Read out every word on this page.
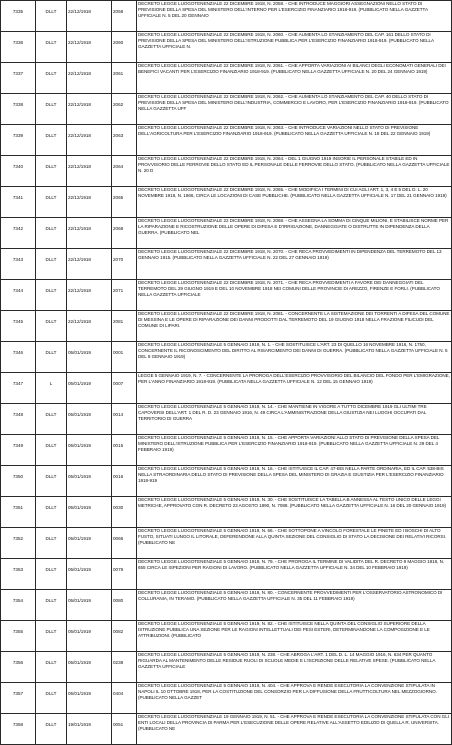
7335	DLLT	22/12/1918	2058	DECRETO LEGGE LUOGOTENENZIALE 22 DICEMBRE 1918, N. 2058. - CHE INTRODUCE MAGGIORI ASSEGNAZIONI NELLO STATO DI PREVISIONE DELLA SPESA DEL MINISTERO DELL'INTERNO PER L'ESERCIZIO FINANZIARIO 1918-919. (PUBBLICATO NELLA GAZZETTA UFFICIALE N. 5 DEL 20 GENNAIO

7336	DLLT	22/12/1918	2060	DECRETO LEGGE LUOGOTENENZIALE 22 DICEMBRE 1918, N. 2060. - CHE AUMENTA LO STANZIAMENTO DEL CAP. 161 DELLO STATO DI PREVISIONE DELLA SPESA DEL MINISTERO DELL'ISTRUZIONE PUBBLICA PER L'ESERCIZIO FINANZIARIO 1918-919. (PUBBLICATO NELLA GAZZETTA UFFICIALE N.

7337	DLLT	22/12/1918	2061	DECRETO LEGGE LUOGOTENENZIALE 22 DICEMBRE 1918, N. 2061. - CHE APPORTA VARIAZIONI AI BILANCI DEGLI ECONOMATI GENERALI DEI BENEFICI VACANTI PER L'ESERCIZIO FINANZIARIO 1918-919. (PUBBLICATO NELLA GAZZETTA UFFICIALE N. 20 DEL 24 GENNAIO 1919)

7338	DLLT	22/12/1918	2062	DECRETO LEGGE LUOGOTENENZIALE 22 DICEMBRE 1918, N. 2062. - CHE AUMENTA LO STANZIAMENTO DEL CAP. 40 DELLO STATO DI PREVISIONE DELLA SPESA DEL MINISTERO DELL'INDUSTRIA, COMMERCIO E LAVORO, PER L'ESERCIZIO FINANZIARIO 1918-919. (PUBBLICATO NELLA GAZZETTA UFF

7339	DLLT	22/12/1918	2063	DECRETO LEGGE LUOGOTENENZIALE 22 DICEMBRE 1918, N. 2063. - CHE INTRODUCE VARIAZIONI NELLO STATO DI PREVISIONE DELL'AGRICOLTURA PER L'ESERCIZIO FINANZIARIO 1918-919. (PUBBLICATO NELLA GAZZETTA UFFICIALE N. 18 DEL 22 GENNAIO 1919)

7340	DLLT	22/12/1918	2064	DECRETO LEGGE LUOGOTENENZIALE 22 DICEMBRE 1918, N. 2064. - DEL 1 GIUGNO 1919 INSORIE IL PERSONALE STABILE ED IN PROVVISORIO DELLE FERROVIE DELLO STATO ED IL PERSONALE DELLE FERROVIE DELLO STATO. (PUBBLICATO NELLA GAZZETTA UFFICIALE N. 20 D

7341	DLLT	22/12/1918	2065	DECRETO LEGGE LUOGOTENENZIALE 22 DICEMBRE 1918, N. 2065. - CHE MODIFICA I TERMINI DI CUI AGLI ART. 1, 3, 4 E 5 DEL D. L. 20 NOVEMBRE 1918, N. 1866, CIRCA LE LOCAZIONI DI CASE PUBBLICHE. (PUBBLICATO NELLA GAZZETTA UFFICIALE N. 17 DEL 21 GENNAIO 1919)

7342	DLLT	22/12/1918	2068	DECRETO LEGGE LUOGOTENENZIALE 22 DICEMBRE 1918, N. 2068. - CHE ASSEGNA LA SOMMA DI CINQUE MILIONI, E STABILISCE NORME PER LA RIPARAZIONE E RICOSTRUZIONE DELLE OPERE DI DIFESA E D'IRRIGAZIONE, DANNEGGIATE O DISTRUTTE IN DIPENDENZA DELLA GUERRA. (PUBBLICATO NEL

7343	DLLT	22/12/1918	2070	DECRETO LEGGE LUOGOTENENZIALE 22 DICEMBRE 1918, N. 2070. - CHE RECA PROVVEDIMENTI IN DIPENDENZA DEL TERREMOTO DEL 13 GENNAIO 1915. (PUBBLICATO NELLA GAZZETTA UFFICIALE N. 22 DEL 27 GENNAIO 1919)

7344	DLLT	22/12/1918	2071	DECRETO LEGGE LUOGOTENENZIALE 22 DICEMBRE 1918, N. 2071. - CHE RECA PROVVEDIMENTI A FAVORE DEI DANNEGGIATI DEL TERREMOTO DEL 29 GIUGNO 1919 E DEL 10 NOVEMBRE 1918 NEI COMUNI DELLE PROVINCIE DI AREZZO, FIRENZE E FORLI. (PUBBLICATO NELLA GAZZETTA UFFICIALE

7345	DLLT	22/12/1918	2081	DECRETO LEGGE LUOGOTENENZIALE 22 DICEMBRE 1918, N. 2081. - CONCERNENTE LA SISTEMAZIONE DEI TORRENTI A DIFESA DEL COMUNE DI MESSINA E LE OPERE DI RIPARAZIONE DEI DANNI PRODOTTI DAL TERREMOTO DEL 19 GIUGNO 1918 NELLA FRAZIONE FILICUDI DEL COMUNE DI LIPARI.

7346	DLLT	05/01/1919	0001	DECRETO LEGGE LUOGOTENENZIALE 5 GENNAIO 1919, N. 1. - CHE SOSTITUISCE L'ART. 23 DI QUELLO 16 NOVEMBRE 1916, N. 1750, CONCERNENTE IL RICONOSCIMENTO DEL DIRITTO AL RISARCIMENTO DEI DANNI DI GUERRA. (PUBBLICATO NELLA GAZZETTA UFFICIALE N. 5 DEL 8 GENNAIO 1919)

7347	L	05/01/1919	0007	LEGGE 5 GENNAIO 1919, N. 7. - CONCERNENTE LA PROROGA DELL'ESERCIZIO PROVVISORIO DEL BILANCIO DEL FONDO PER L'EMIGRAZIONE, PER L'ANNO FINANZIARIO 1918-919. (PUBBLICATA NELLA GAZZETTA UFFICIALE N. 12 DEL 15 GENNAIO 1919)

7348	DLLT	05/01/1919	0014	DECRETO LEGGE LUOGOTENENZIALE 5 GENNAIO 1919, N. 14. - CHE MANTIENE IN VIGORE A TUTTO DICEMBRE 1919 GLI ULTIMI TRE CAPOVERSI DELL'ART. 1 DEL R. D. 23 GENNAIO 1916, N. 49 CIRCA L'AMMINISTRAZIONE DELLA GIUSTIZIA NEI LUOGHI OCCUPATI DAL TERRITORIO DI GUERRA

7349	DLLT	05/01/1919	0015	DECRETO LEGGE LUOGOTENENZIALE 5 GENNAIO 1919, N. 15. - CHE APPORTA VARIAZIONI ALLO STATO DI PREVISIONE DELLA SPESA DEL MINISTERO DELL'ISTRUZIONE PUBBLICA PER L'ESERCIZIO FINANZIARIO 1918-919. (PUBBLICATO NELLA GAZZETTA UFFICIALE N. 29 DEL 4 FEBBRAIO 1919)

7350	DLLT	05/01/1919	0016	DECRETO LEGGE LUOGOTENENZIALE 5 GENNAIO 1919, N. 16. - CHE ISTITUISCE IL CAP. 47-BIS NELLA PARTE ORDINARIA, ED IL CAP. 538-BIS NELLA STRAORDINARIA DELLO STATO DI PREVISIONE DELLA SPESA DEL MINISTERO DI GRAZIA E GIUSTIZIA PER L'ESERCIZIO FINANZIARIO 1918-919

7351	DLLT	05/01/1919	0030	DECRETO LEGGE LUOGOTENENZIALE 5 GENNAIO 1919, N. 30. - CHE SOSTITUISCE LA TABELLA B ANNESSA AL TESTO UNICO DELLE LEGGI METRICHE, APPROVATO CON R. DECRETO 23 AGOSTO 1890, N. 7088. (PUBBLICATO NELLA GAZZETTA UFFICIALE N. 16 DEL 20 GENNAIO 1919)

7352	DLLT	05/01/1919	0066	DECRETO LEGGE LUOGOTENENZIALE 5 GENNAIO 1919, N. 66. - CHE SOTTOPONE A VINCOLO FORESTALE LE PINETE ED I BOSCHI DI ALTO FUSTO, SITUATI LUNGO IL LITORALE, DEFERENDONE ALLA QUINTA SEZIONE DEL CONSIGLIO DI STATO LA DECISIONE DEI RELATIVI RICORSI. (PUBBLICATO NE

7353	DLLT	05/01/1919	0079	DECRETO LEGGE LUOGOTENENZIALE 5 GENNAIO 1919, N. 79. - CHE PROROGA IL TERMINE DI VALIDITA DEL R. DECRETO 9 MAGGIO 1918, N. 655 CIRCA LE ISPEZIONI PER RAGIONI DI LAVORO. (PUBBLICATO NELLA GAZZETTA UFFICIALE N. 34 DEL 10 FEBBRAIO 1919)

7354	DLLT	05/01/1919	0080	DECRETO LEGGE LUOGOTENENZIALE 5 GENNAIO 1919, N. 80. - CONCERNENTE PROVVEDIMENTI PER L'OSSERVATORIO ASTRONOMICO DI COLLURANIA, IN TERAMO. (PUBBLICATO NELLA GAZZETTA UFFICIALE N. 35 DEL 11 FEBBRAIO 1919)

7355	DLLT	05/01/1919	0082	DECRETO LEGGE LUOGOTENENZIALE 5 GENNAIO 1919, N. 82. - CHE ISTITUISCE NELLA QUINTA DEL CONSIGLIO SUPERIORE DELLA ISTRUZIONE PUBBLICA UNA SEZIONE PER LE RAGIONI INTELLETTUALI DEI PESI ESTERI, DETERMINANDONE LA COMPOSIZIONE E LE ATTRIBUZIONI. (PUBBLICATO

7356	DLLT	05/01/1919	0238	DECRETO LEGGE LUOGOTENENZIALE 5 GENNAIO 1919, N. 238. - CHE ABROGA L'ART. 1 DEL D. L. 14 MAGGIO 1916, N. 634 PER QUANTO RIGUARDA AL MANTENIMENTO DELLE RESIDUE RUOLI DI SCUOLE MEDIE E L'ISCRIZIONE DELLE RELATIVE SPESE. (PUBBLICATO NELLA GAZZETTA UFFICIALE

7357	DLLT	05/01/1919	0404	DECRETO LEGGE LUOGOTENENZIALE 5 GENNAIO 1919, N. 404. - CHE APPROVA E RENDE ESECUTORIA LA CONVENZIONE STIPULATA IN NAPOLI IL 10 OTTOBRE 1918, PER LA COSTITUZIONE DEL CONSORZIO PER LA DIFFUSIONE DELLA FRUTTICOLTURA NEL MEZZOGIORNO. (PUBBLICATO NELLA GAZZET

7358	DLLT	19/01/1919	0051	DECRETO LEGGE LUOGOTENENZIALE 19 GENNAIO 1919, N. 51. - CHE APPROVA E RENDE ESECUTORIA LA CONVENZIONE STIPULATA CON GLI ENTI LOCALI DELLA PROVINCIA DI PARMA PER L'ESECUZIONE DELLE OPERE RELATIVE ALL'ASSETTO EDILIZIO DI QUELLA R. UNIVERSITA. (PUBBLICATO NE
